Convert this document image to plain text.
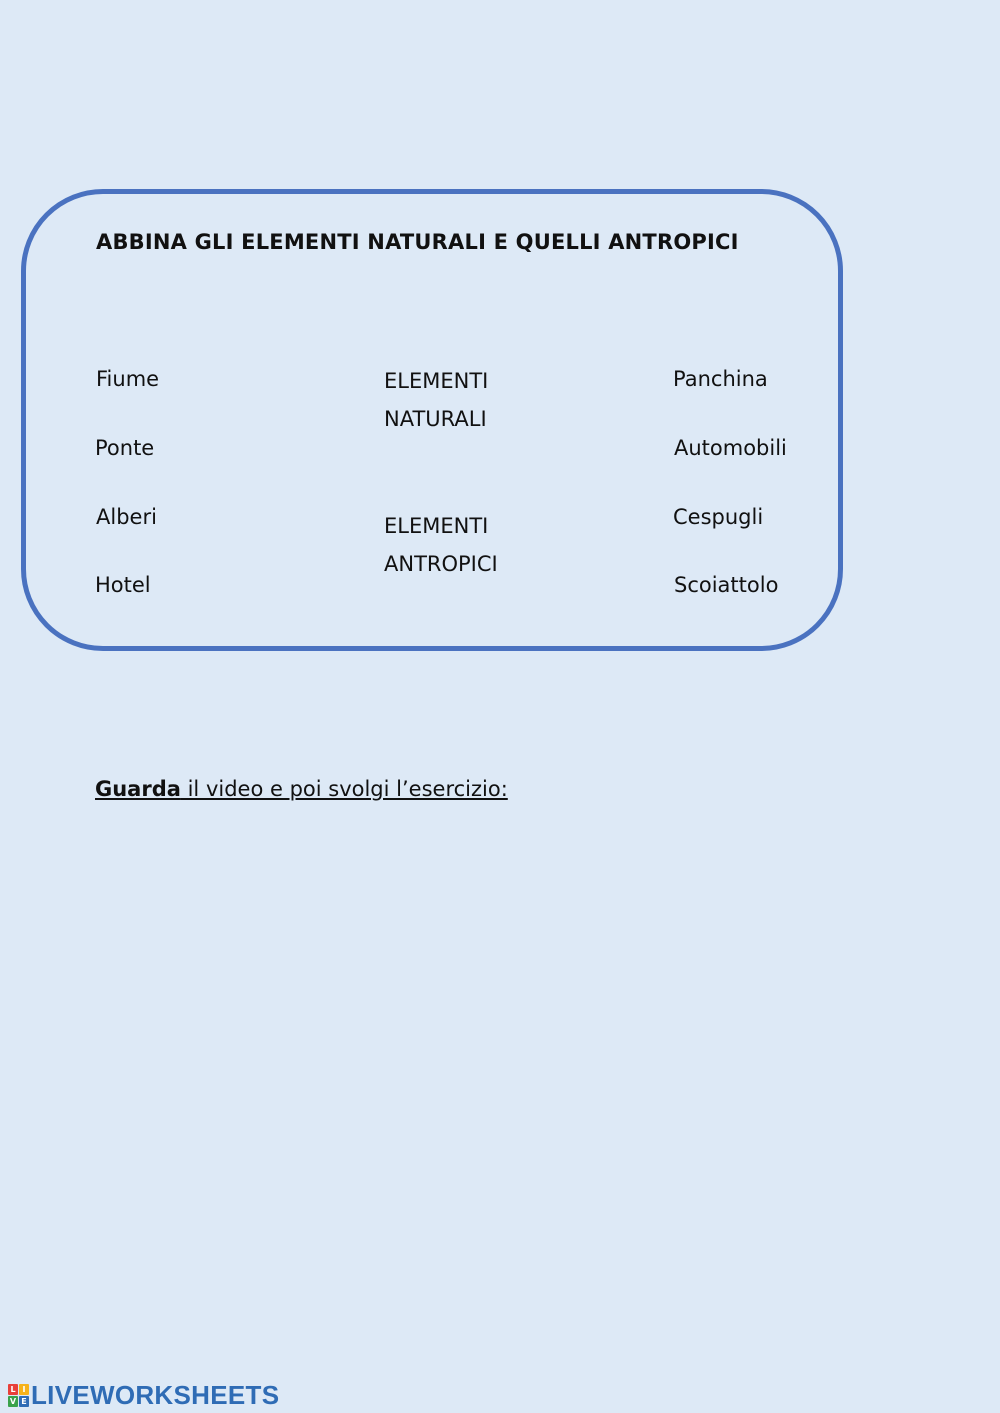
ABBINA GLI ELEMENTI NATURALI E QUELLI ANTROPICI
Fiume
Ponte
Alberi
Hotel
ELEMENTI
NATURALI
ELEMENTI
ANTROPICI
Panchina
Automobili
Cespugli
Scoiattolo
Guarda il video e poi svolgi l’esercizio:
L I
V E LIVEWORKSHEETS
